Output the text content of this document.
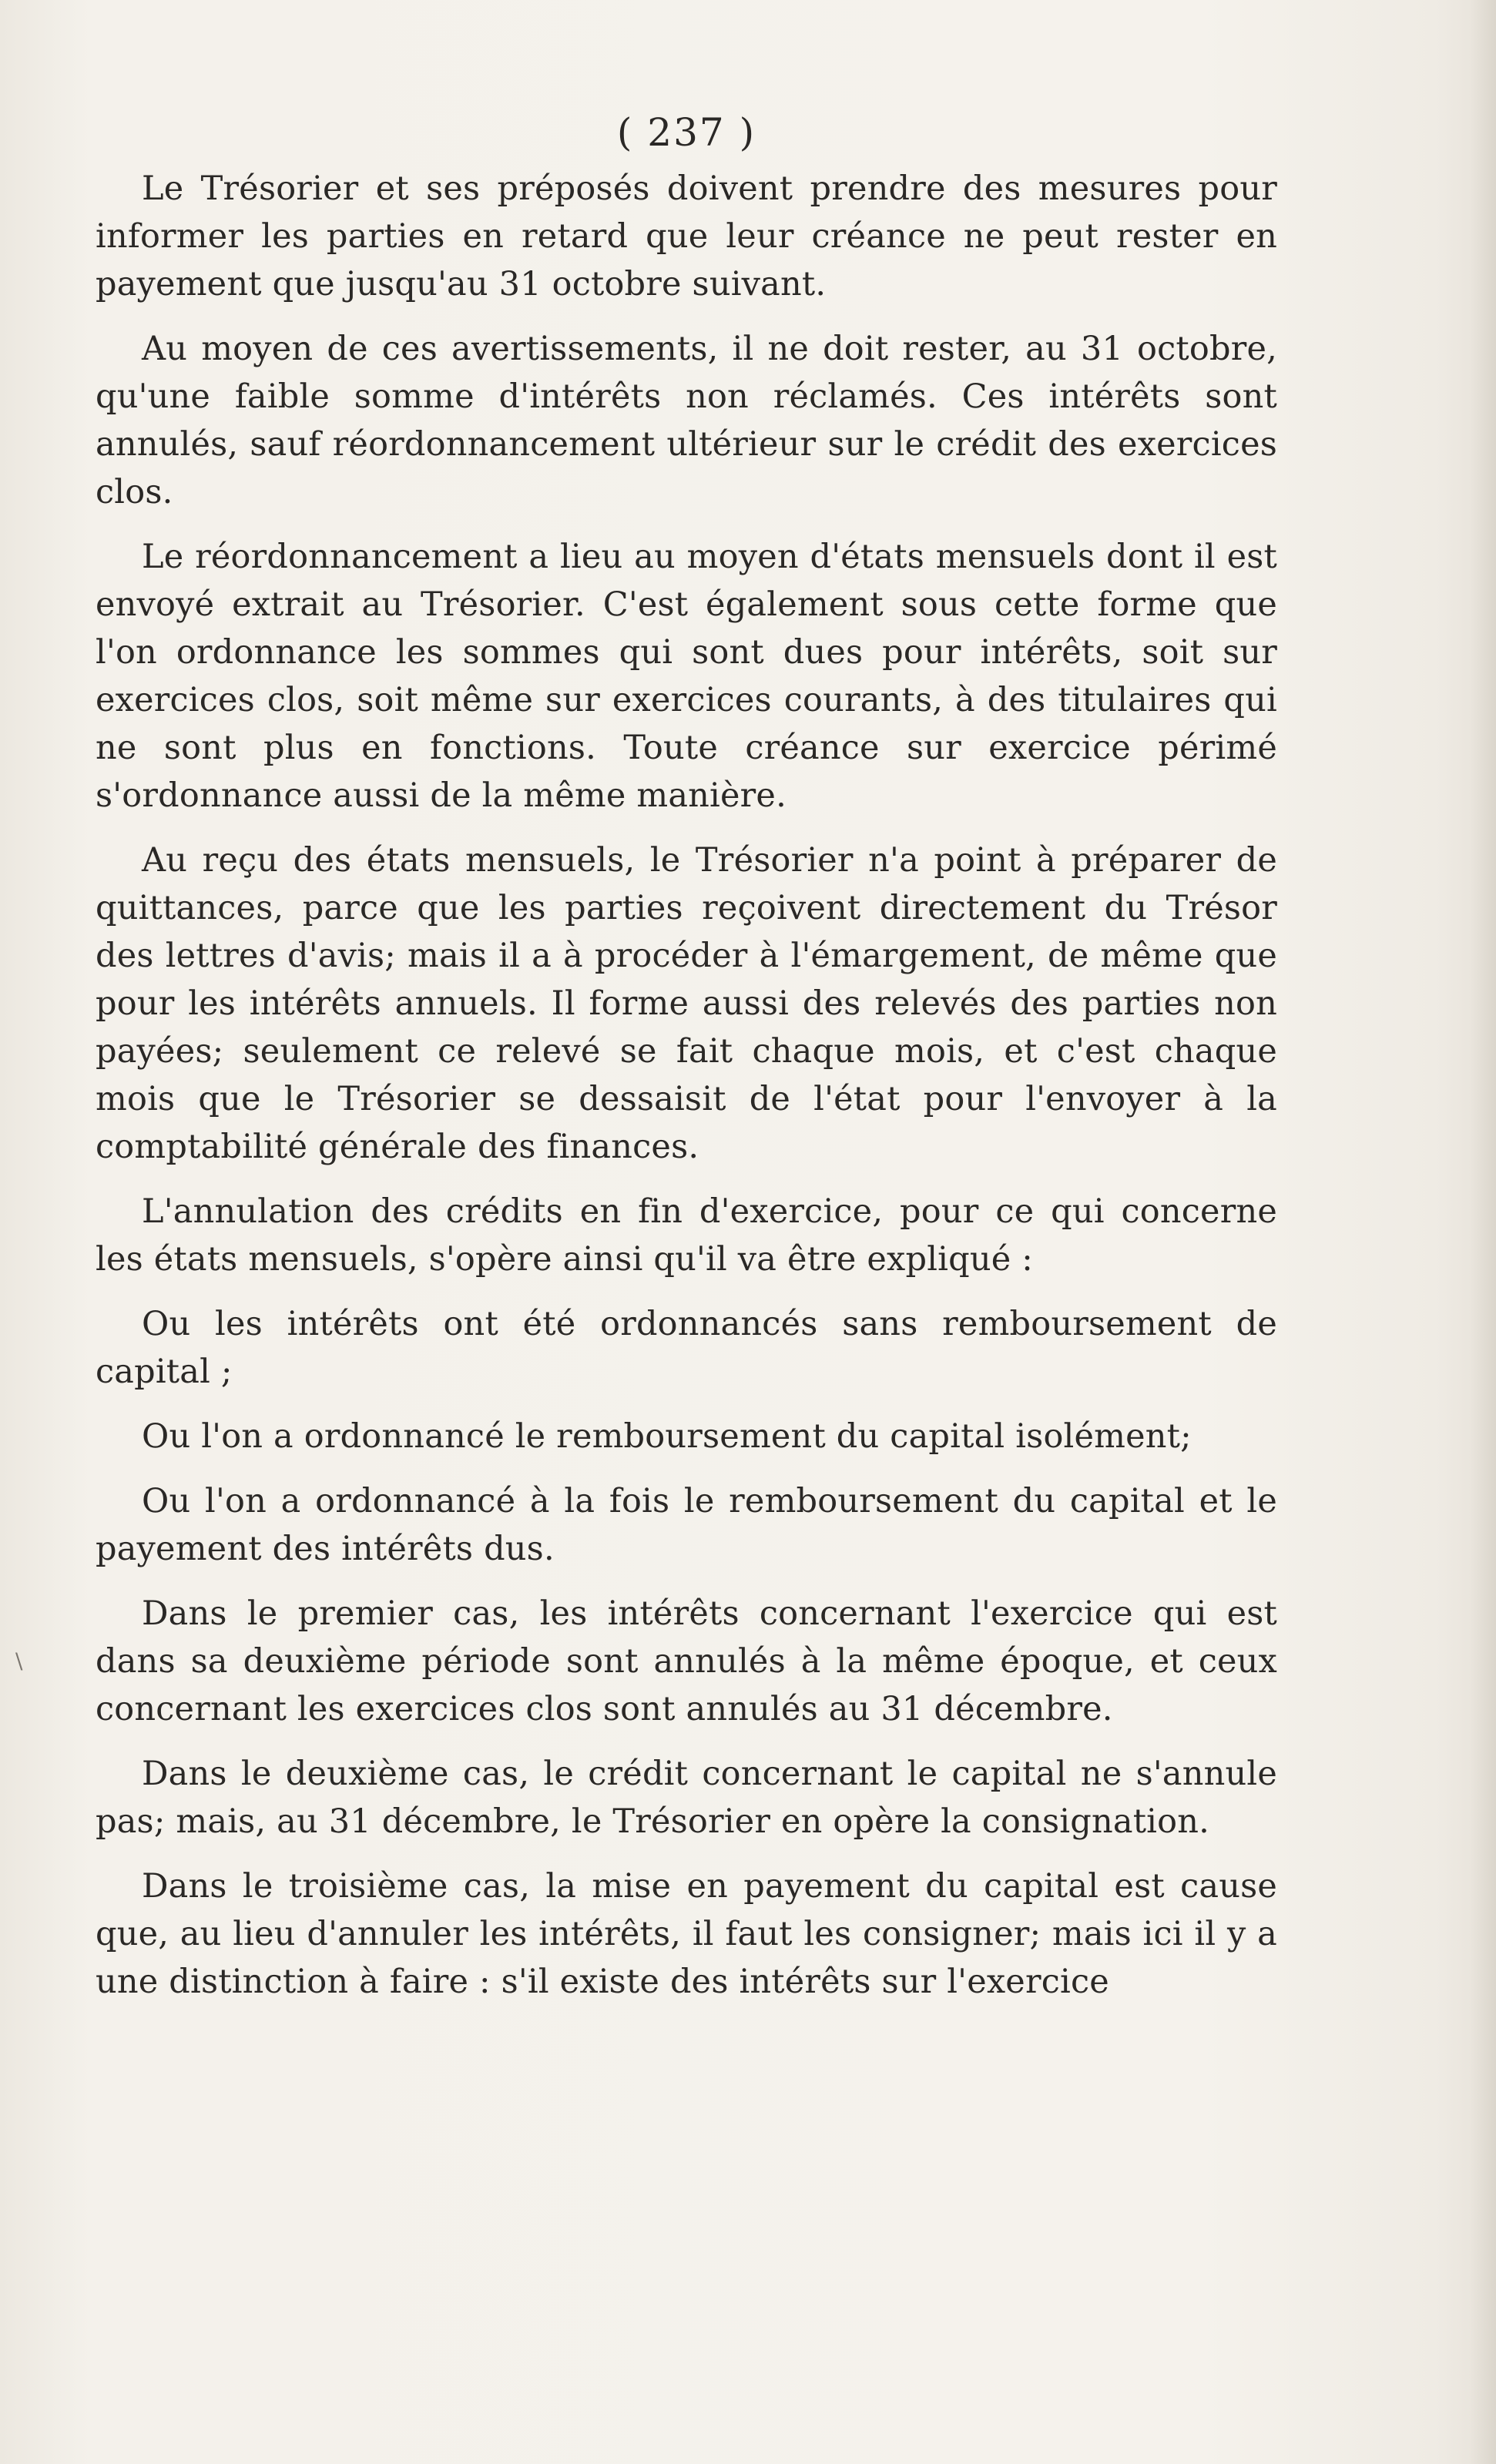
\
( 237 )

Le Trésorier et ses préposés doivent prendre des mesures pour informer les parties en retard que leur créance ne peut rester en payement que jusqu'au 31 octobre suivant.

Au moyen de ces avertissements, il ne doit rester, au 31 octobre, qu'une faible somme d'intérêts non réclamés. Ces intérêts sont annulés, sauf réordonnancement ultérieur sur le crédit des exercices clos.

Le réordonnancement a lieu au moyen d'états mensuels dont il est envoyé extrait au Trésorier. C'est également sous cette forme que l'on ordonnance les sommes qui sont dues pour intérêts, soit sur exercices clos, soit même sur exercices courants, à des titulaires qui ne sont plus en fonctions. Toute créance sur exercice périmé s'ordonnance aussi de la même manière.

Au reçu des états mensuels, le Trésorier n'a point à préparer de quittances, parce que les parties reçoivent directement du Trésor des lettres d'avis; mais il a à procéder à l'émargement, de même que pour les intérêts annuels. Il forme aussi des relevés des parties non payées; seulement ce relevé se fait chaque mois, et c'est chaque mois que le Trésorier se dessaisit de l'état pour l'envoyer à la comptabilité générale des finances.

L'annulation des crédits en fin d'exercice, pour ce qui concerne les états mensuels, s'opère ainsi qu'il va être expliqué :

Ou les intérêts ont été ordonnancés sans remboursement de capital ;

Ou l'on a ordonnancé le remboursement du capital isolément;

Ou l'on a ordonnancé à la fois le remboursement du capital et le payement des intérêts dus.

Dans le premier cas, les intérêts concernant l'exercice qui est dans sa deuxième période sont annulés à la même époque, et ceux concernant les exercices clos sont annulés au 31 décembre.

Dans le deuxième cas, le crédit concernant le capital ne s'annule pas; mais, au 31 décembre, le Trésorier en opère la consignation.

Dans le troisième cas, la mise en payement du capital est cause que, au lieu d'annuler les intérêts, il faut les consigner; mais ici il y a une distinction à faire : s'il existe des intérêts sur l'exercice
